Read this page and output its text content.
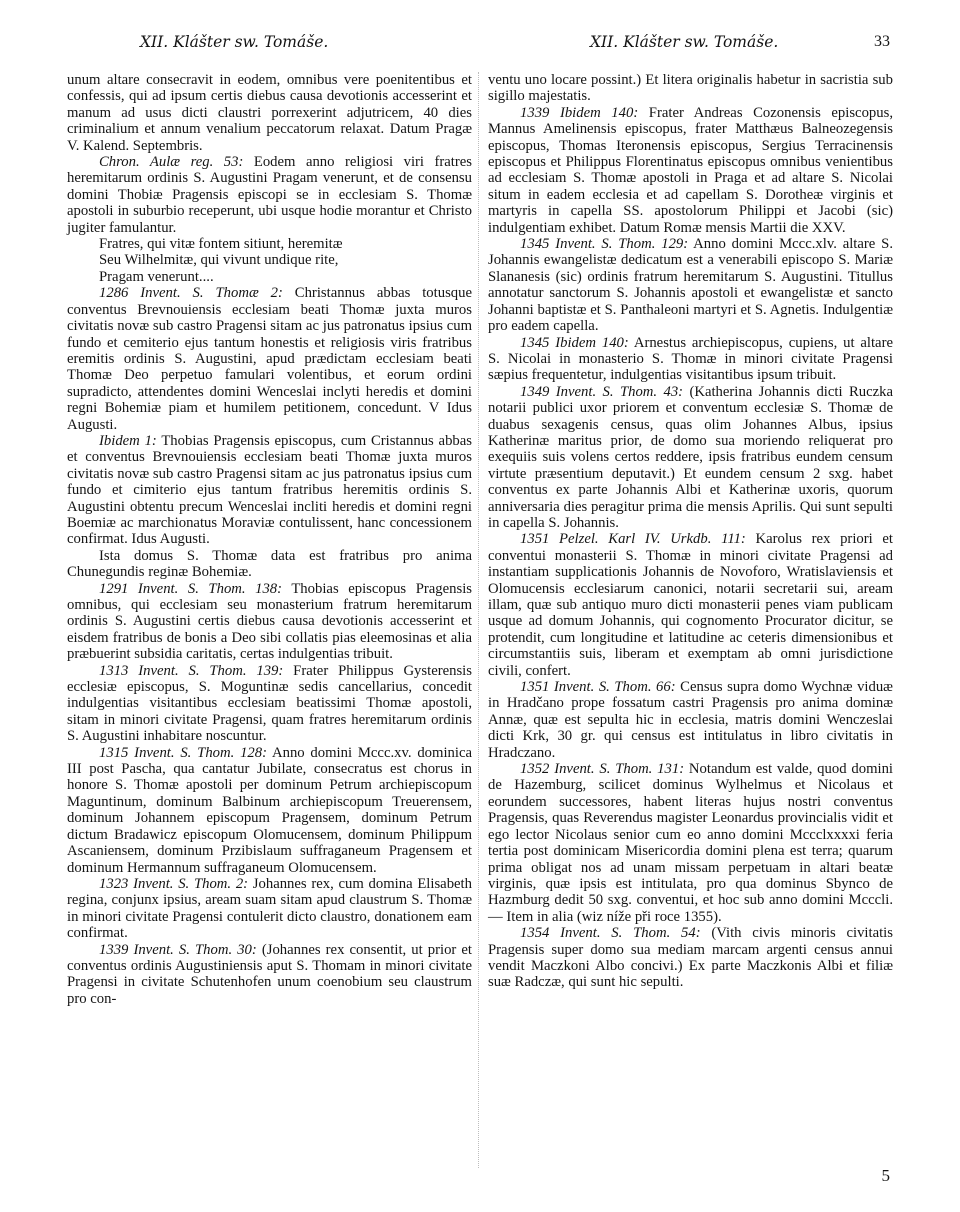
XII. Klášter sw. Tomáše.	XII. Klášter sw. Tomáše.	33

unum altare consecravit in eodem, omnibus vere poenitentibus et confessis, qui ad ipsum certis diebus causa devotionis accesserint et manum ad usus dicti claustri porrexerint adjutricem, 40 dies criminalium et annum venalium peccatorum relaxat. Datum Pragæ V. Kalend. Septembris.

Chron. Aulæ reg. 53: Eodem anno religiosi viri fratres heremitarum ordinis S. Augustini Pragam venerunt, et de consensu domini Thobiæ Pragensis episcopi se in ecclesiam S. Thomæ apostoli in suburbio receperunt, ubi usque hodie morantur et Christo jugiter famulantur.

Fratres, qui vitæ fontem sitiunt, heremitæ

Seu Wilhelmitæ, qui vivunt undique rite,

Pragam venerunt....

1286 Invent. S. Thomæ 2: Christannus abbas totusque conventus Brevnouiensis ecclesiam beati Thomæ juxta muros civitatis novæ sub castro Pragensi sitam ac jus patronatus ipsius cum fundo et cemiterio ejus tantum honestis et religiosis viris fratribus eremitis ordinis S. Augustini, apud prædictam ecclesiam beati Thomæ Deo perpetuo famulari volentibus, et eorum ordini supradicto, attendentes domini Wenceslai inclyti heredis et domini regni Bohemiæ piam et humilem petitionem, concedunt. V Idus Augusti.

Ibidem 1: Thobias Pragensis episcopus, cum Cristannus abbas et conventus Brevnouiensis ecclesiam beati Thomæ juxta muros civitatis novæ sub castro Pragensi sitam ac jus patronatus ipsius cum fundo et cimiterio ejus tantum fratribus heremitis ordinis S. Augustini obtentu precum Wenceslai incliti heredis et domini regni Boemiæ ac marchionatus Moraviæ contulissent, hanc concessionem confirmat. Idus Augusti.

Ista domus S. Thomæ data est fratribus pro anima Chunegundis reginæ Bohemiæ.

1291 Invent. S. Thom. 138: Thobias episcopus Pragensis omnibus, qui ecclesiam seu monasterium fratrum heremitarum ordinis S. Augustini certis diebus causa devotionis accesserint et eisdem fratribus de bonis a Deo sibi collatis pias eleemosinas et alia præbuerint subsidia caritatis, certas indulgentias tribuit.

1313 Invent. S. Thom. 139: Frater Philippus Gysterensis ecclesiæ episcopus, S. Moguntinæ sedis cancellarius, concedit indulgentias visitantibus ecclesiam beatissimi Thomæ apostoli, sitam in minori civitate Pragensi, quam fratres heremitarum ordinis S. Augustini inhabitare noscuntur.

1315 Invent. S. Thom. 128: Anno domini Mccc.xv. dominica III post Pascha, qua cantatur Jubilate, consecratus est chorus in honore S. Thomæ apostoli per dominum Petrum archiepiscopum Maguntinum, dominum Balbinum archiepiscopum Treuerensem, dominum Johannem episcopum Pragensem, dominum Petrum dictum Bradawicz episcopum Olomucensem, dominum Philippum Ascaniensem, dominum Przibislaum suffraganeum Pragensem et dominum Hermannum suffraganeum Olomucensem.

1323 Invent. S. Thom. 2: Johannes rex, cum domina Elisabeth regina, conjunx ipsius, aream suam sitam apud claustrum S. Thomæ in minori civitate Pragensi contulerit dicto claustro, donationem eam confirmat.

1339 Invent. S. Thom. 30: (Johannes rex consentit, ut prior et conventus ordinis Augustiniensis aput S. Thomam in minori civitate Pragensi in civitate Schutenhofen unum coenobium seu claustrum pro con-

ventu uno locare possint.) Et litera originalis habetur in sacristia sub sigillo majestatis.

1339 Ibidem 140: Frater Andreas Cozonensis episcopus, Mannus Amelinensis episcopus, frater Matthæus Balneozegensis episcopus, Thomas Iteronensis episcopus, Sergius Terracinensis episcopus et Philippus Florentinatus episcopus omnibus venientibus ad ecclesiam S. Thomæ apostoli in Praga et ad altare S. Nicolai situm in eadem ecclesia et ad capellam S. Dorotheæ virginis et martyris in capella SS. apostolorum Philippi et Jacobi (sic) indulgentiam exhibet. Datum Romæ mensis Martii die XXV.

1345 Invent. S. Thom. 129: Anno domini Mccc.xlv. altare S. Johannis ewangelistæ dedicatum est a venerabili episcopo S. Mariæ Slananesis (sic) ordinis fratrum heremitarum S. Augustini. Titullus annotatur sanctorum S. Johannis apostoli et ewangelistæ et sancto Johanni baptistæ et S. Panthaleoni martyri et S. Agnetis. Indulgentiæ pro eadem capella.

1345 Ibidem 140: Arnestus archiepiscopus, cupiens, ut altare S. Nicolai in monasterio S. Thomæ in minori civitate Pragensi sæpius frequentetur, indulgentias visitantibus ipsum tribuit.

1349 Invent. S. Thom. 43: (Katherina Johannis dicti Ruczka notarii publici uxor priorem et conventum ecclesiæ S. Thomæ de duabus sexagenis census, quas olim Johannes Albus, ipsius Katherinæ maritus prior, de domo sua moriendo reliquerat pro exequiis suis volens certos reddere, ipsis fratribus eundem censum virtute præsentium deputavit.) Et eundem censum 2 sxg. habet conventus ex parte Johannis Albi et Katherinæ uxoris, quorum anniversaria dies peragitur prima die mensis Aprilis. Qui sunt sepulti in capella S. Johannis.

1351 Pelzel. Karl IV. Urkdb. 111: Karolus rex priori et conventui monasterii S. Thomæ in minori civitate Pragensi ad instantiam supplicationis Johannis de Novoforo, Wratislaviensis et Olomucensis ecclesiarum canonici, notarii secretarii sui, aream illam, quæ sub antiquo muro dicti monasterii penes viam publicam usque ad domum Johannis, qui cognomento Procurator dicitur, se protendit, cum longitudine et latitudine ac ceteris dimensionibus et circumstantiis suis, liberam et exemptam ab omni jurisdictione civili, confert.

1351 Invent. S. Thom. 66: Census supra domo Wychnæ viduæ in Hradčano prope fossatum castri Pragensis pro anima dominæ Annæ, quæ est sepulta hic in ecclesia, matris domini Wenczeslai dicti Krk, 30 gr. qui census est intitulatus in libro civitatis in Hradczano.

1352 Invent. S. Thom. 131: Notandum est valde, quod domini de Hazemburg, scilicet dominus Wylhelmus et Nicolaus et eorundem successores, habent literas hujus nostri conventus Pragensis, quas Reverendus magister Leonardus provincialis vidit et ego lector Nicolaus senior cum eo anno domini Mccclxxxxi feria tertia post dominicam Misericordia domini plena est terra; quarum prima obligat nos ad unam missam perpetuam in altari beatæ virginis, quæ ipsis est intitulata, pro qua dominus Sbynco de Hazmburg dedit 50 sxg. conventui, et hoc sub anno domini Mcccli. — Item in alia (wiz níže při roce 1355).

1354 Invent. S. Thom. 54: (Vith civis minoris civitatis Pragensis super domo sua mediam marcam argenti census annui vendit Maczkoni Albo concivi.) Ex parte Maczkonis Albi et filiæ suæ Radczæ, qui sunt hic sepulti.

5
